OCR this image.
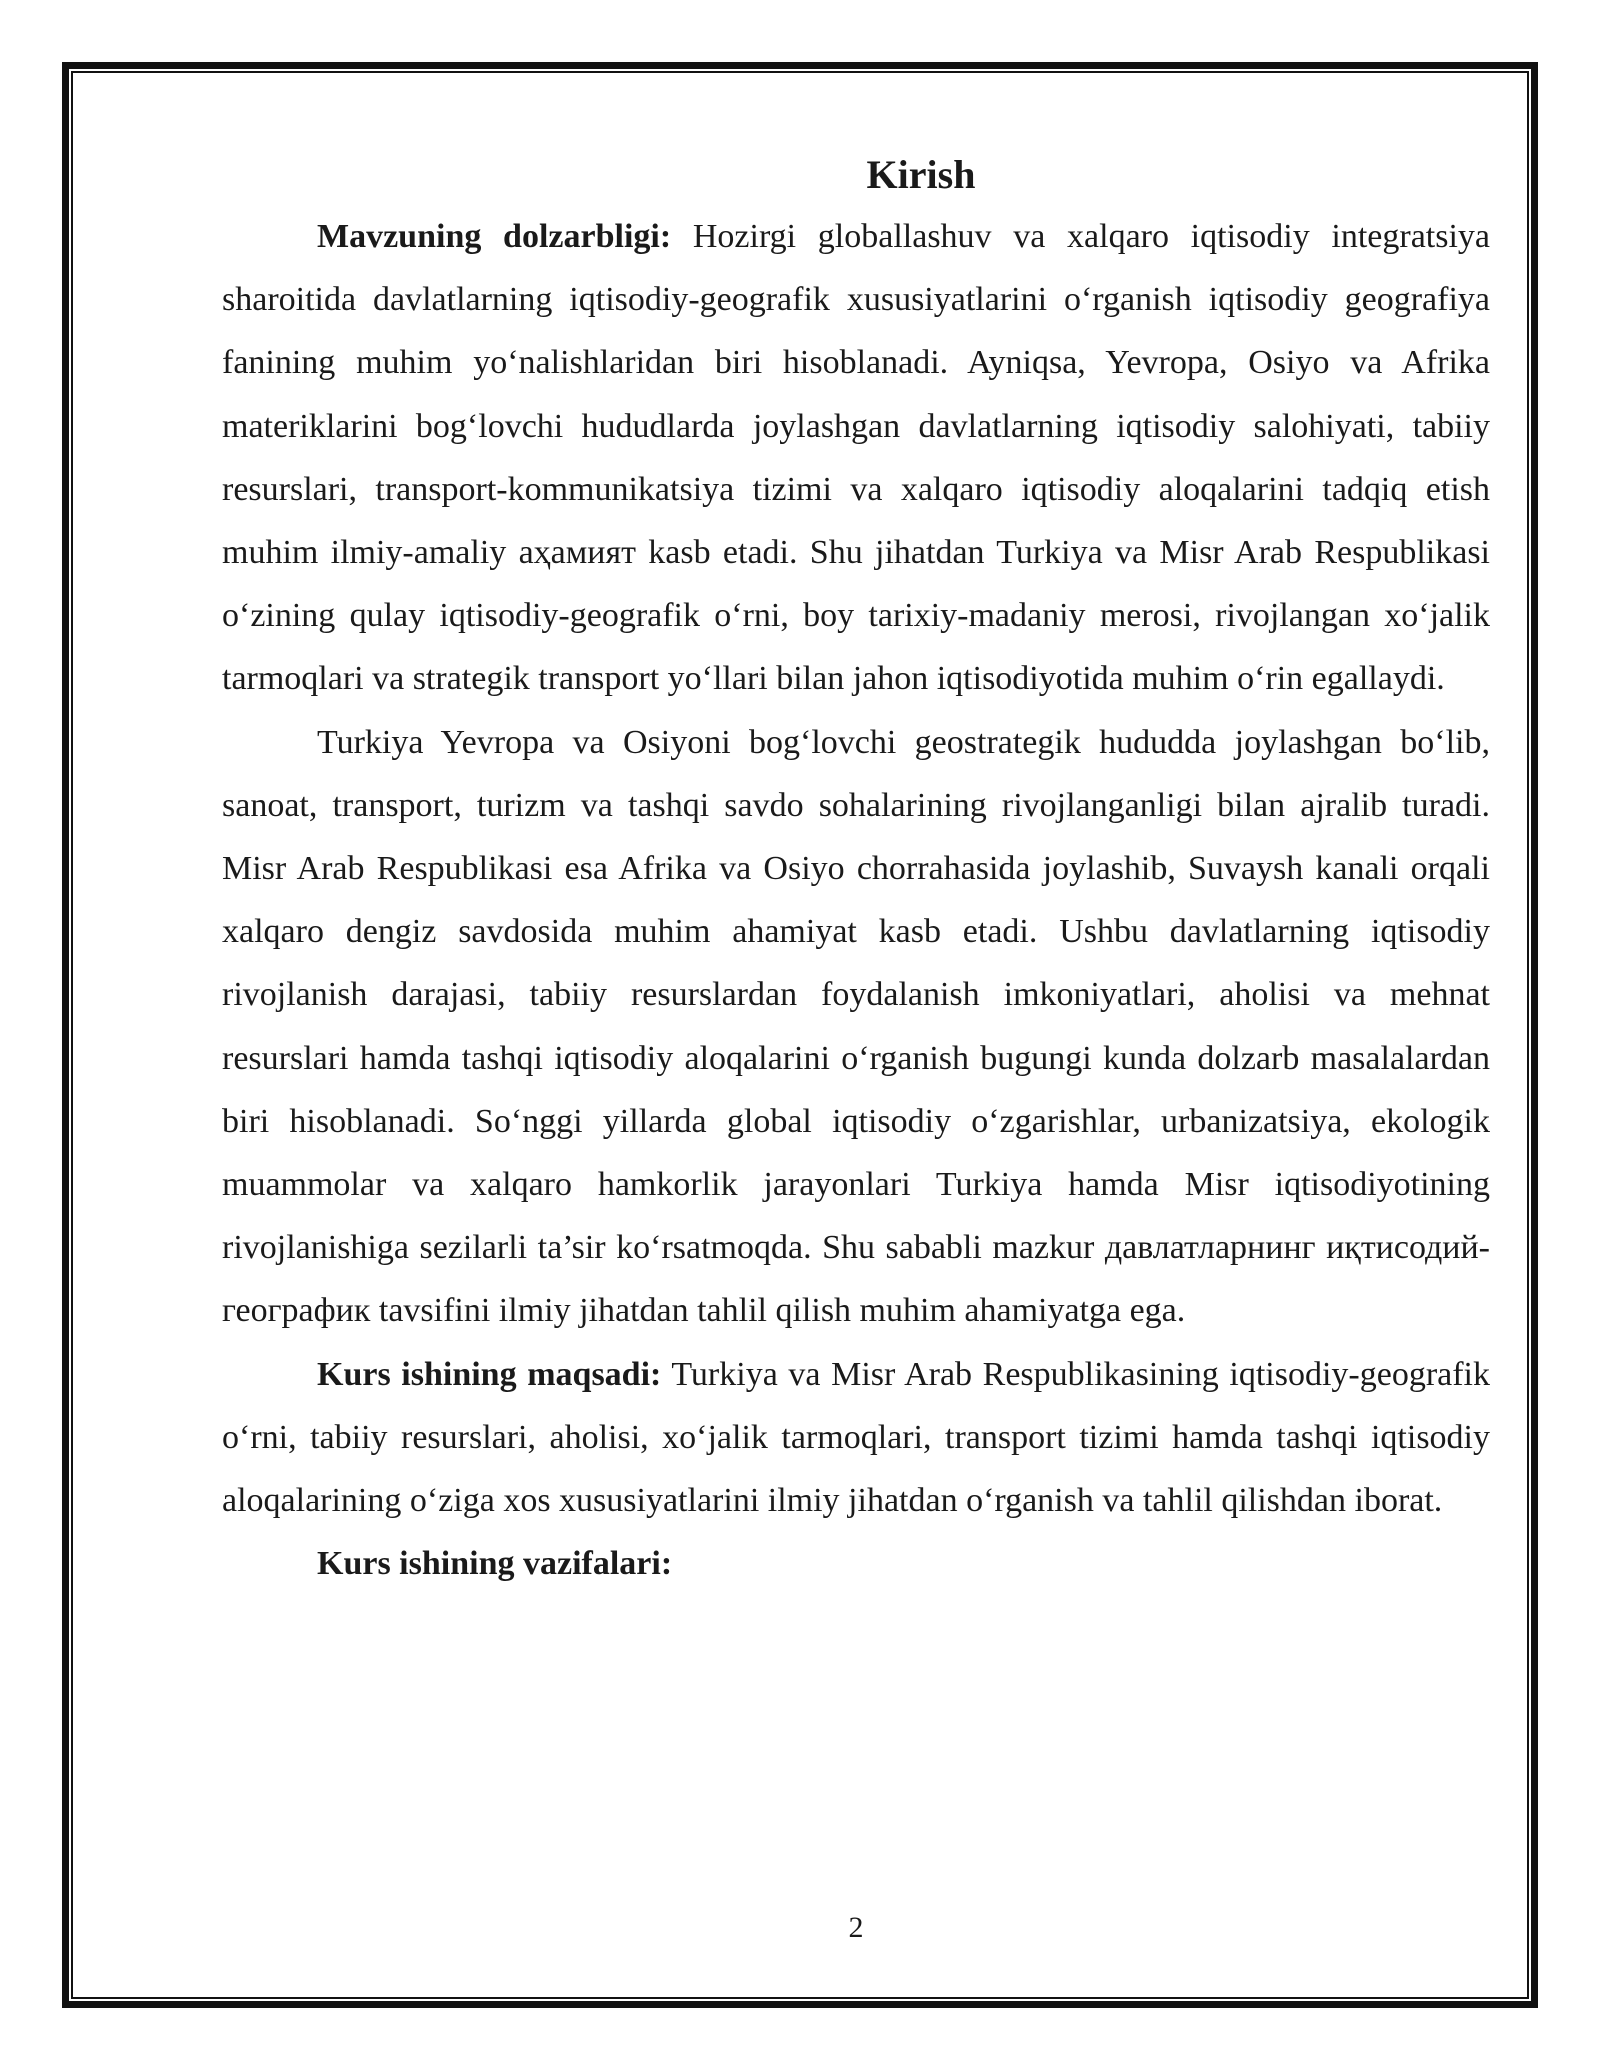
Kirish

Mavzuning dolzarbligi: Hozirgi globallashuv va xalqaro iqtisodiy integratsiya sharoitida davlatlarning iqtisodiy-geografik xususiyatlarini o‘rganish iqtisodiy geografiya fanining muhim yo‘nalishlaridan biri hisoblanadi. Ayniqsa, Yevropa, Osiyo va Afrika materiklarini bog‘lovchi hududlarda joylashgan davlatlarning iqtisodiy salohiyati, tabiiy resurslari, transport-kommunikatsiya tizimi va xalqaro iqtisodiy aloqalarini tadqiq etish muhim ilmiy-amaliy аҳамият kasb etadi. Shu jihatdan Turkiya va Misr Arab Respublikasi o‘zining qulay iqtisodiy-geografik o‘rni, boy tarixiy-madaniy merosi, rivojlangan xo‘jalik tarmoqlari va strategik transport yo‘llari bilan jahon iqtisodiyotida muhim o‘rin egallaydi.

Turkiya Yevropa va Osiyoni bog‘lovchi geostrategik hududda joylashgan bo‘lib, sanoat, transport, turizm va tashqi savdo sohalarining rivojlanganligi bilan ajralib turadi. Misr Arab Respublikasi esa Afrika va Osiyo chorrahasida joylashib, Suvaysh kanali orqali xalqaro dengiz savdosida muhim ahamiyat kasb etadi. Ushbu davlatlarning iqtisodiy rivojlanish darajasi, tabiiy resurslardan foydalanish imkoniyatlari, aholisi va mehnat resurslari hamda tashqi iqtisodiy aloqalarini o‘rganish bugungi kunda dolzarb masalalardan biri hisoblanadi. So‘nggi yillarda global iqtisodiy o‘zgarishlar, urbanizatsiya, ekologik muammolar va xalqaro hamkorlik jarayonlari Turkiya hamda Misr iqtisodiyotining rivojlanishiga sezilarli ta’sir ko‘rsatmoqda. Shu sababli mazkur давлатларнинг иқтисодий-географик tavsifini ilmiy jihatdan tahlil qilish muhim ahamiyatga ega.

Kurs ishining maqsadi: Turkiya va Misr Arab Respublikasining iqtisodiy-geografik o‘rni, tabiiy resurslari, aholisi, xo‘jalik tarmoqlari, transport tizimi hamda tashqi iqtisodiy aloqalarining o‘ziga xos xususiyatlarini ilmiy jihatdan o‘rganish va tahlil qilishdan iborat.

Kurs ishining vazifalari:

2
